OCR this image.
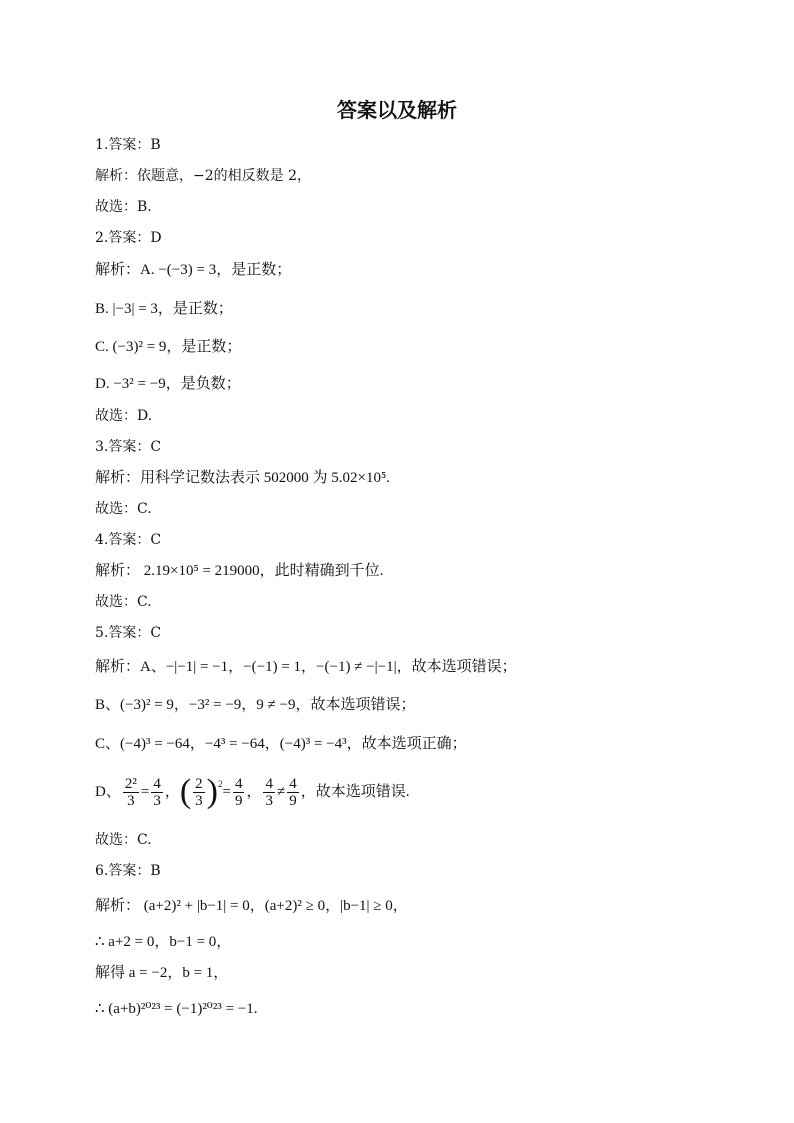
答案以及解析
1.答案：B
解析：依题意，−2的相反数是 2，
故选：B.
2.答案：D
解析：A. −(−3) = 3，是正数；
B. |−3| = 3，是正数；
C. (−3)² = 9，是正数；
D. −3² = −9，是负数；
故选：D.
3.答案：C
解析：用科学记数法表示 502000 为 5.02×10⁵.
故选：C.
4.答案：C
解析： 2.19×10⁵ = 219000，此时精确到千位.
故选：C.
5.答案：C
解析：A、−|−1| = −1，−(−1) = 1，−(−1) ≠ −|−1|，故本选项错误；
B、(−3)² = 9，−3² = −9，9 ≠ −9，故本选项错误；
C、(−4)³ = −64，−4³ = −64，(−4)³ = −4³，故本选项正确；
D、 $\frac{\text{2²}}{3} = \frac{4}{3}$ ， ( $\frac{2}{3} )^2 = \frac{4}{9}$ ， $\frac{4}{3} \ne \frac{4}{9}$ ，故本选项错误.
故选：C.
6.答案：B
解析： (a+2)² + |b−1| = 0，(a+2)² ≥ 0，|b−1| ≥ 0，
∴ a+2 = 0，b−1 = 0，
解得 a = −2，b = 1，
∴ (a+b)²⁰²³ = (−1)²⁰²³ = −1.
